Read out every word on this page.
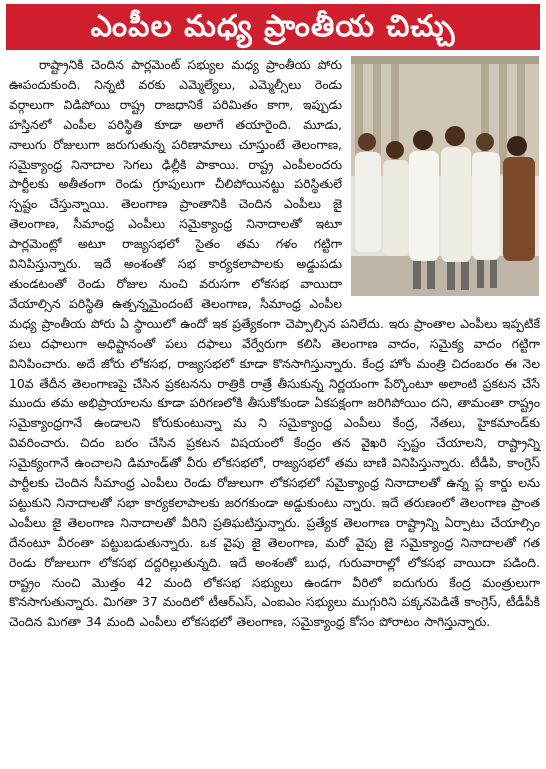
ఎంపీల మధ్య ప్రాంతీయ చిచ్చు

రాష్ట్రానికి చెందిన పార్లమెంట్ సభ్యుల మధ్య ప్రాంతీయ పోరు ఊపందుకుంది. నిన్నటి వరకు ఎమ్మెల్యేలు, ఎమ్మెల్సీలు రెండు వర్గాలుగా విడిపోయి రాష్ట్ర రాజధానికే పరిమితం కాగా, ఇప్పుడు హస్తినలో ఎంపీల పరిస్థితి కూడా అలాగే తయారైంది. మూడు, నాలుగు రోజులుగా జరుగుతున్న పరిణామాలు చూస్తుంటే తెలంగాణ, సమైక్యాంధ్ర నినాదాల సెగలు ఢిల్లీకి పాకాయి. రాష్ట్ర ఎంపీలందరు పార్టీలకు అతీతంగా రెండు గ్రూపులుగా చీలిపోయినట్టు పరిస్థితులే స్పష్టం చేస్తున్నాయి. తెలంగాణ ప్రాంతానికి చెందిన ఎంపీలు జై తెలంగాణ, సీమాంధ్ర ఎంపీలు సమైక్యాంధ్ర నినాదాలతో ఇటూ పార్లమెంట్లో అటూ రాజ్యసభలో సైతం తమ గళం గట్టిగా వినిపిస్తున్నారు. ఇదే అంశంతో సభ కార్యకలాపాలకు అడ్డుపడు తుండటంతో రెండు రోజుల నుంచి వరుసగా లోకసభ వాయిదా వేయాల్సిన పరిస్థితి ఉత్పన్నమైందంటే తెలంగాణ, సీమాంధ్ర ఎంపీల మధ్య ప్రాంతీయ పోరు ఏ స్థాయిలో ఉందో ఇక ప్రత్యేకంగా చెప్పాల్సిన పనిలేదు. ఇరు ప్రాంతాల ఎంపీలు ఇప్పటికే పలు దఫాలుగా అధిష్టానంతో పలు దఫాలు వేర్వేరుగా కలిసి తెలంగాణ వాదం, సమైక్య వాదం గట్టిగా వినిపించారు. అదే జోరు లోకసభ, రాజ్యసభలో కూడా కొనసాగిస్తున్నారు. కేంద్ర హోం మంత్రి చిదంబరం ఈ నెల 10వ తేదీన తెలంగాణపై చేసిన ప్రకటనను రాత్రికి రాత్రే తీసుకున్న నిర్ణయంగా పేర్కొంటూ అలాంటి ప్రకటన చేసే ముందు తమ అభిప్రాయాలను కూడా పరిగణలోకి తీసుకోకుండా ఏకపక్షంగా జరిగిపోయిం దని, తామంతా రాష్ట్రం సమైక్యాంధ్రగానే ఉండాలని కోరుకుంటున్నా మ ని సమైక్యాంధ్ర ఎంపీలు కేంద్ర, నేతలు, హైకమాండ్‌కు వివరించారు. చిదం బరం చేసిన ప్రకటన విషయంలో కేంద్రం తన వైఖరి స్పష్టం చేయాలని, రాష్ట్రాన్ని సమైక్యంగానే ఉంచాలని డిమాండ్‌తో వీరు లోకసభలో, రాజ్యసభలో తమ బాణి వినిపిస్తున్నారు. టీడీపి, కాంగ్రెస్ పార్టీలకు చెందిన సీమాంధ్ర ఎంపీలు రెండు రోజులుగా లోకసభలో సమైక్యాంధ్ర నినాదాలతో ఉన్న ప్ల కార్డు లను పట్టుకుని నినాదాలతో సభా కార్యకలాపాలకు జరగకుండా అడ్డుకుంటు న్నారు. ఇదే తరుణంలో తెలంగాణ ప్రాంత ఎంపీలు జై తెలంగాణ నినాదాలతో వీరిని ప్రతిఘటిస్తున్నారు. ప్రత్యేక తెలంగాణ రాష్ట్రాన్ని ఏర్పాటు చేయాల్సిం దేనంటూ వీరంతా పట్టుబడుతున్నారు. ఒక వైపు జై తెలంగాణ, మరో వైపు జై సమైక్యాంధ్ర నినాదాలతో గత రెండు రోజులుగా లోకసభ దద్దరిల్లుతున్నది. ఇదే అంశంతో బుధ, గురువారాల్లో లోకసభ వాయిదా పడింది. రాష్ట్రం నుంచి మొత్తం 42 మంది లోకసభ సభ్యులు ఉండగా వీరిలో ఐదుగురు కేంద్ర మంత్రులుగా కొనసాగుతున్నారు. మిగతా 37 మందిలో టీఆర్ఎస్, ఎంఐఎం సభ్యులు ముగ్గురిని పక్కనపెడితే కాంగ్రెస్, టీడీపీకి చెందిన మిగతా 34 మంది ఎంపీలు లోకసభలో తెలంగాణ, సమైక్యాంధ్ర కోసం పోరాటం సాగిస్తున్నారు.
